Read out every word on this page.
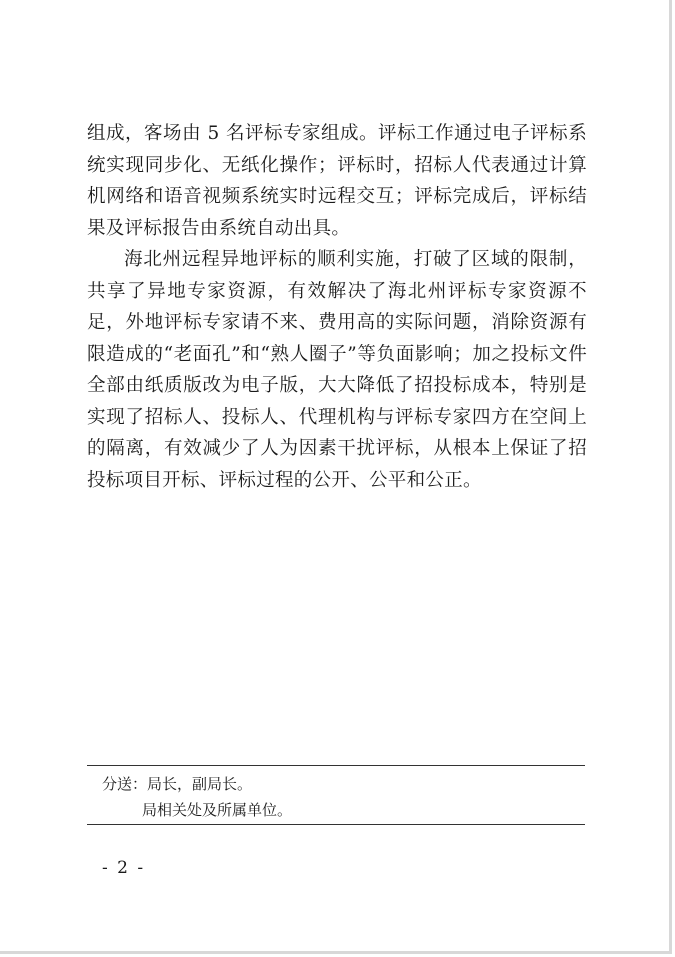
组成，客场由 5 名评标专家组成。评标工作通过电子评标系统实现同步化、无纸化操作；评标时，招标人代表通过计算机网络和语音视频系统实时远程交互；评标完成后，评标结果及评标报告由系统自动出具。

海北州远程异地评标的顺利实施，打破了区域的限制，共享了异地专家资源，有效解决了海北州评标专家资源不足，外地评标专家请不来、费用高的实际问题，消除资源有限造成的“老面孔”和“熟人圈子”等负面影响；加之投标文件全部由纸质版改为电子版，大大降低了招投标成本，特别是实现了招标人、投标人、代理机构与评标专家四方在空间上的隔离，有效减少了人为因素干扰评标，从根本上保证了招投标项目开标、评标过程的公开、公平和公正。

分送：局长，副局长。
局相关处及所属单位。
- 2 -
